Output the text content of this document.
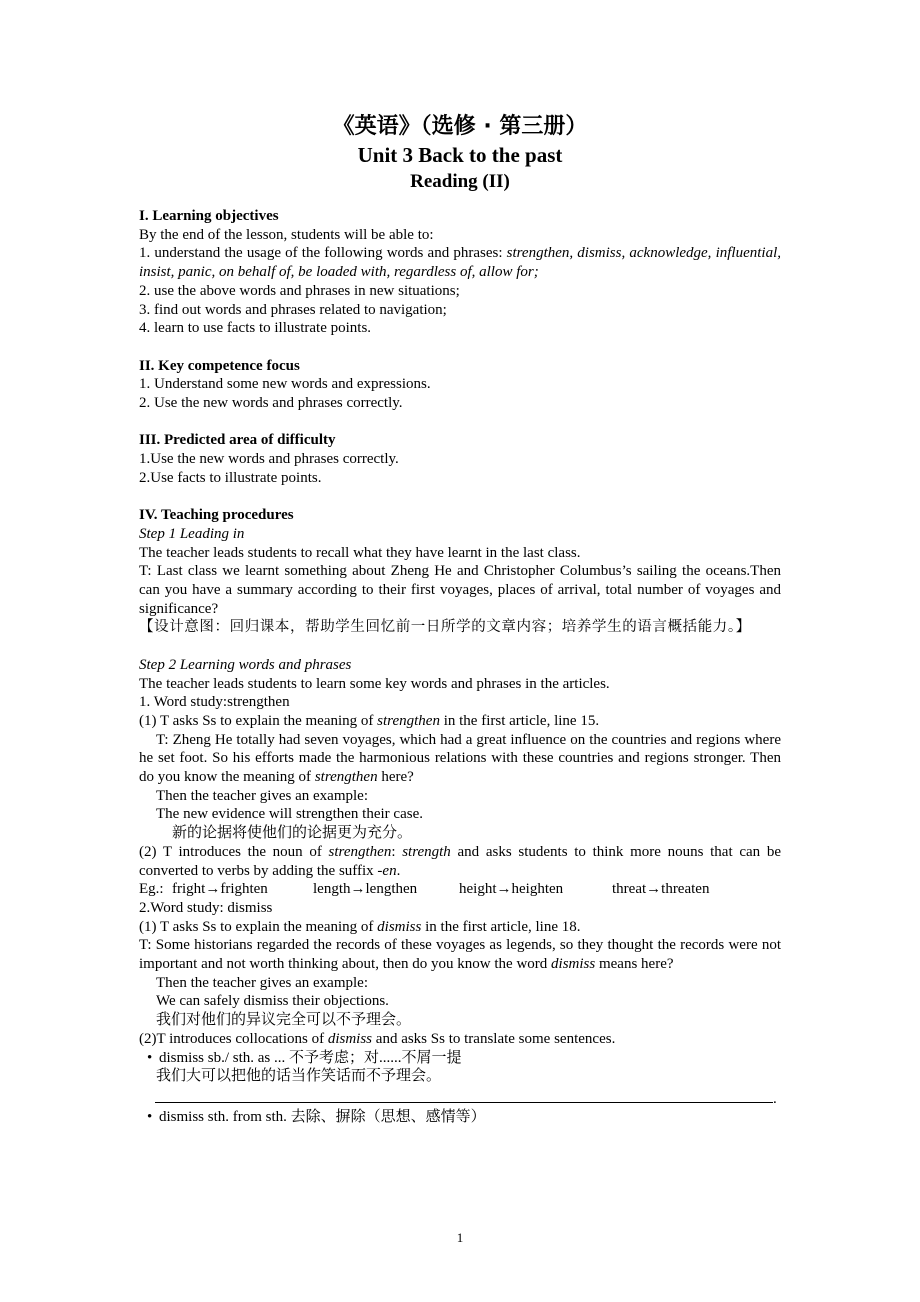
《英语》（选修 · 第三册）
Unit 3 Back to the past
Reading (II)
I. Learning objectives
By the end of the lesson, students will be able to:
1. understand the usage of the following words and phrases: strengthen, dismiss, acknowledge, influential, insist, panic, on behalf of, be loaded with, regardless of, allow for;
2. use the above words and phrases in new situations;
3. find out words and phrases related to navigation;
4. learn to use facts to illustrate points.
II. Key competence focus
1. Understand some new words and expressions.
2. Use the new words and phrases correctly.
III. Predicted area of difficulty
1.Use the new words and phrases correctly.
2.Use facts to illustrate points.
IV. Teaching procedures
Step 1 Leading in
The teacher leads students to recall what they have learnt in the last class.
T: Last class we learnt something about Zheng He and Christopher Columbus’s sailing the oceans.Then can you have a summary according to their first voyages, places of arrival, total number of voyages and significance?
【设计意图：回归课本，帮助学生回忆前一日所学的文章内容；培养学生的语言概括能力。】
Step 2 Learning words and phrases
The teacher leads students to learn some key words and phrases in the articles.
1. Word study:strengthen
(1) T asks Ss to explain the meaning of strengthen in the first article, line 15.
T: Zheng He totally had seven voyages, which had a great influence on the countries and regions where he set foot. So his efforts made the harmonious relations with these countries and regions stronger. Then do you know the meaning of strengthen here?
Then the teacher gives an example:
The new evidence will strengthen their case.
新的论据将使他们的论据更为充分。
(2) T introduces the noun of strengthen: strength and asks students to think more nouns that can be converted to verbs by adding the suffix -en.
Eg.: fright→frighten	length→lengthen	height→heighten	threat→threaten
2.Word study: dismiss
(1) T asks Ss to explain the meaning of dismiss in the first article, line 18.
T: Some historians regarded the records of these voyages as legends, so they thought the records were not important and not worth thinking about, then do you know the word dismiss means here?
Then the teacher gives an example:
We can safely dismiss their objections.
我们对他们的异议完全可以不予理会。
(2)T introduces collocations of dismiss and asks Ss to translate some sentences.
• dismiss sb./ sth. as ... 不予考虑；对......不屑一提
我们大可以把他的话当作笑话而不予理会。
.
• dismiss sth. from sth. 去除、摒除（思想、感情等）
1
